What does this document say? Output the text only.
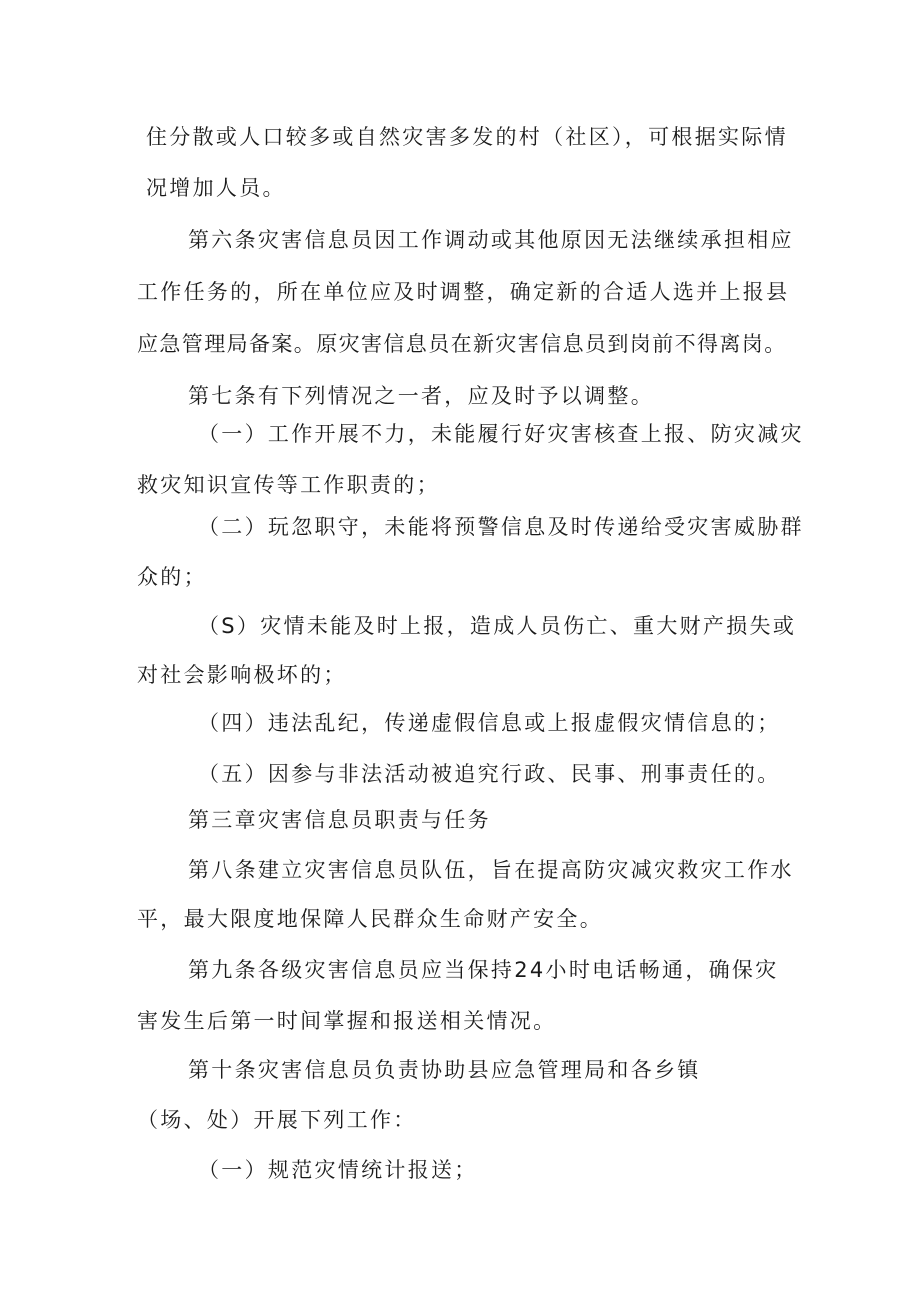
住分散或人口较多或自然灾害多发的村（社区），可根据实际情
况增加人员。
第六条灾害信息员因工作调动或其他原因无法继续承担相应
工作任务的，所在单位应及时调整，确定新的合适人选并上报县
应急管理局备案。原灾害信息员在新灾害信息员到岗前不得离岗。
第七条有下列情况之一者，应及时予以调整。
（一）工作开展不力，未能履行好灾害核查上报、防灾减灾
救灾知识宣传等工作职责的；
（二）玩忽职守，未能将预警信息及时传递给受灾害威胁群
众的；
（S）灾情未能及时上报，造成人员伤亡、重大财产损失或
对社会影响极坏的；
（四）违法乱纪，传递虚假信息或上报虚假灾情信息的；
（五）因参与非法活动被追究行政、民事、刑事责任的。
第三章灾害信息员职责与任务
第八条建立灾害信息员队伍，旨在提高防灾减灾救灾工作水
平，最大限度地保障人民群众生命财产安全。
第九条各级灾害信息员应当保持24小时电话畅通，确保灾
害发生后第一时间掌握和报送相关情况。
第十条灾害信息员负责协助县应急管理局和各乡镇
（场、处）开展下列工作：
（一）规范灾情统计报送；
